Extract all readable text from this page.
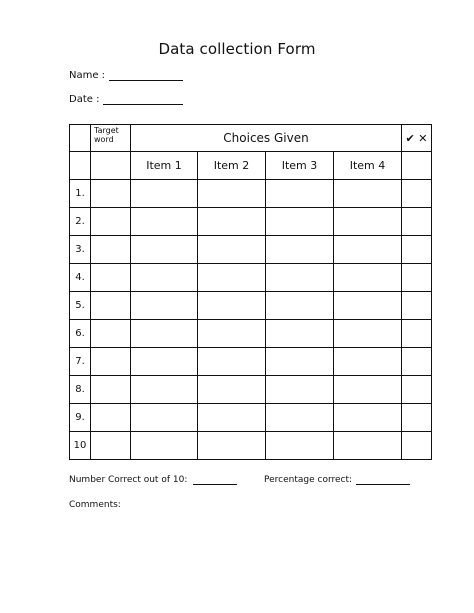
Data collection Form
Name :
Date :
	Target word	Choices Given				✔ ✕
		Item 1	Item 2	Item 3	Item 4	
1.						
2.						
3.						
4.						
5.						
6.						
7.						
8.						
9.						
10						
Number Correct out of 10:	Percentage correct:
Comments:
